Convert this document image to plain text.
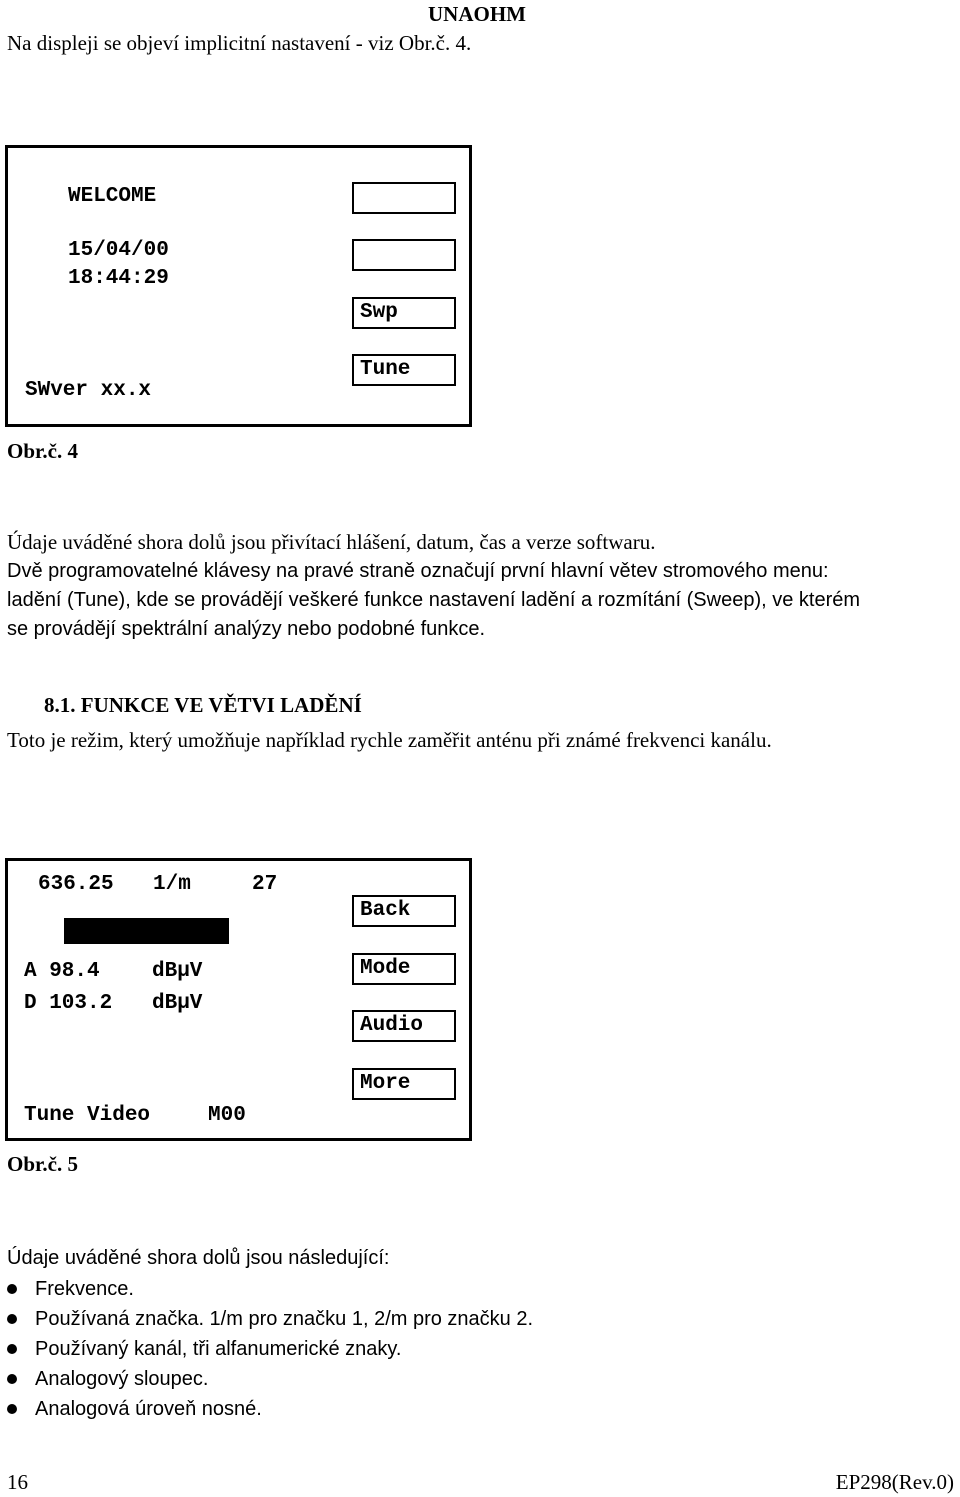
UNAOHM
Na displeji se objeví implicitní nastavení - viz Obr.č. 4.
WELCOME
15/04/00
18:44:29
SWver xx.x
Swp
Tune
Obr.č. 4
Údaje uváděné shora dolů jsou přivítací hlášení, datum, čas a verze softwaru.
Dvě programovatelné klávesy na pravé straně označují první hlavní větev stromového menu:
ladění (Tune), kde se provádějí veškeré funkce nastavení ladění a rozmítání (Sweep), ve kterém
se provádějí spektrální analýzy nebo podobné funkce.
8.1. FUNKCE VE VĚTVI LADĚNÍ
Toto je režim, který umožňuje například rychle zaměřit anténu při známé frekvenci kanálu.
636.25 1/m	27
A 98.4 dBμV
D 103.2 dBμV
Tune Video	M00
Back
Mode
Audio
More
Obr.č. 5
Údaje uváděné shora dolů jsou následující:
Frekvence.
Používaná značka. 1/m pro značku 1, 2/m pro značku 2.
Používaný kanál, tři alfanumerické znaky.
Analogový sloupec.
Analogová úroveň nosné.
16	EP298(Rev.0)
